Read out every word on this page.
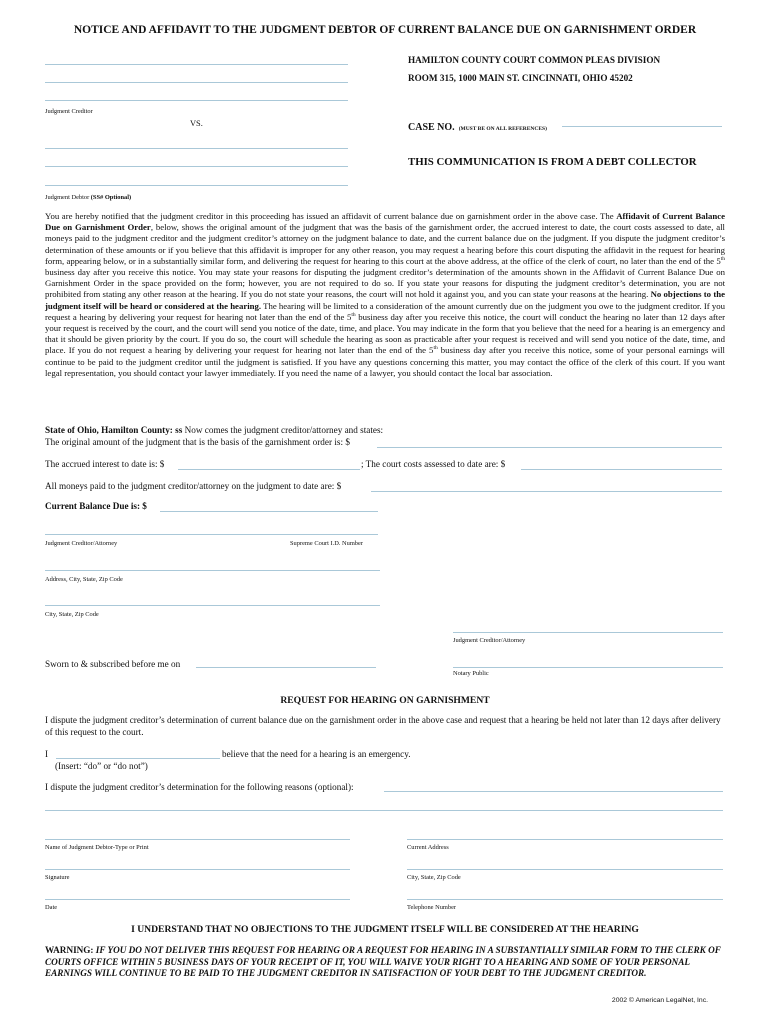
NOTICE AND AFFIDAVIT TO THE JUDGMENT DEBTOR OF CURRENT BALANCE DUE ON GARNISHMENT ORDER
Judgment Creditor
HAMILTON COUNTY COURT COMMON PLEAS DIVISION
ROOM 315, 1000 MAIN ST. CINCINNATI, OHIO 45202
VS.	CASE NO. (MUST BE ON ALL REFERENCES)
Judgment Debtor (SS# Optional)
THIS COMMUNICATION IS FROM A DEBT COLLECTOR
You are hereby notified that the judgment creditor in this proceeding has issued an affidavit of current balance due on garnishment order in the above case. The Affidavit of Current Balance Due on Garnishment Order, below, shows the original amount of the judgment that was the basis of the garnishment order, the accrued interest to date, the court costs assessed to date, all moneys paid to the judgment creditor and the judgment creditor’s attorney on the judgment balance to date, and the current balance due on the judgment. If you dispute the judgment creditor’s determination of these amounts or if you believe that this affidavit is improper for any other reason, you may request a hearing before this court disputing the affidavit in the request for hearing form, appearing below, or in a substantially similar form, and delivering the request for hearing to this court at the above address, at the office of the clerk of court, no later than the end of the 5th business day after you receive this notice. You may state your reasons for disputing the judgment creditor’s determination of the amounts shown in the Affidavit of Current Balance Due on Garnishment Order in the space provided on the form; however, you are not required to do so. If you state your reasons for disputing the judgment creditor’s determination, you are not prohibited from stating any other reason at the hearing. If you do not state your reasons, the court will not hold it against you, and you can state your reasons at the hearing. No objections to the judgment itself will be heard or considered at the hearing. The hearing will be limited to a consideration of the amount currently due on the judgment you owe to the judgment creditor. If you request a hearing by delivering your request for hearing not later than the end of the 5th business day after you receive this notice, the court will conduct the hearing no later than 12 days after your request is received by the court, and the court will send you notice of the date, time, and place. You may indicate in the form that you believe that the need for a hearing is an emergency and that it should be given priority by the court. If you do so, the court will schedule the hearing as soon as practicable after your request is received and will send you notice of the date, time, and place. If you do not request a hearing by delivering your request for hearing not later than the end of the 5th business day after you receive this notice, some of your personal earnings will continue to be paid to the judgment creditor until the judgment is satisfied. If you have any questions concerning this matter, you may contact the office of the clerk of this court. If you want legal representation, you should contact your lawyer immediately. If you need the name of a lawyer, you should contact the local bar association.
State of Ohio, Hamilton County: ss Now comes the judgment creditor/attorney and states:
The original amount of the judgment that is the basis of the garnishment order is: $
The accrued interest to date is: $	; The court costs assessed to date are: $
All moneys paid to the judgment creditor/attorney on the judgment to date are: $
Current Balance Due is: $
Judgment Creditor/Attorney	Supreme Court I.D. Number
Address, City, State, Zip Code
City, State, Zip Code
Judgment Creditor/Attorney
Sworn to & subscribed before me on
Notary Public
REQUEST FOR HEARING ON GARNISHMENT
I dispute the judgment creditor’s determination of current balance due on the garnishment order in the above case and request that a hearing be held not later than 12 days after delivery of this request to the court.
I	believe that the need for a hearing is an emergency.
(Insert: “do” or “do not”)
I dispute the judgment creditor’s determination for the following reasons (optional):
Name of Judgment Debtor-Type or Print	Current Address
Signature	City, State, Zip Code
Date	Telephone Number
I UNDERSTAND THAT NO OBJECTIONS TO THE JUDGMENT ITSELF WILL BE CONSIDERED AT THE HEARING
WARNING: IF YOU DO NOT DELIVER THIS REQUEST FOR HEARING OR A REQUEST FOR HEARING IN A SUBSTANTIALLY SIMILAR FORM TO THE CLERK OF COURTS OFFICE WITHIN 5 BUSINESS DAYS OF YOUR RECEIPT OF IT, YOU WILL WAIVE YOUR RIGHT TO A HEARING AND SOME OF YOUR PERSONAL EARNINGS WILL CONTINUE TO BE PAID TO THE JUDGMENT CREDITOR IN SATISFACTION OF YOUR DEBT TO THE JUDGMENT CREDITOR.
2002 © American LegalNet, Inc.
